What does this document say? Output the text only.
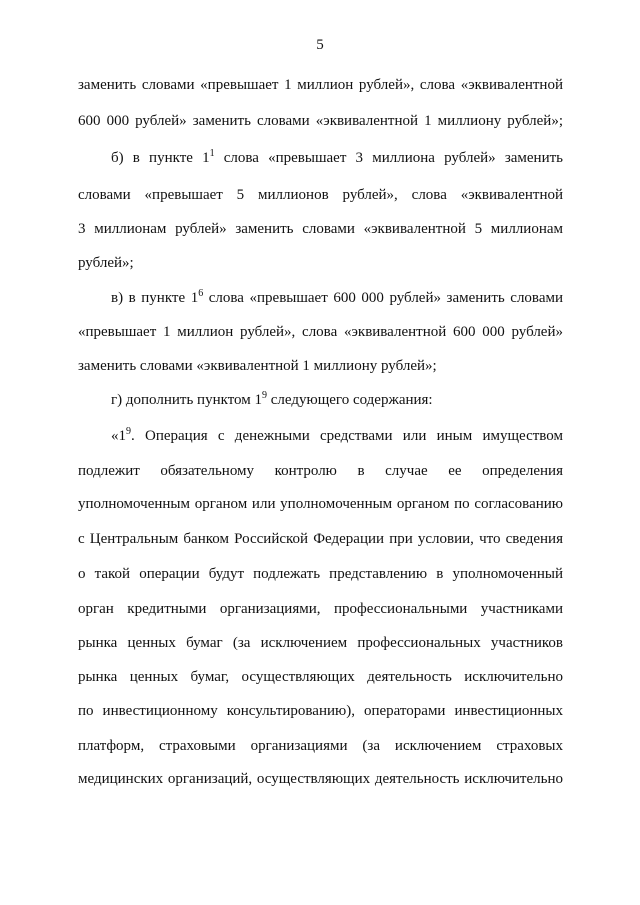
5
заменить словами «превышает 1 миллион рублей», слова «эквивалентной
600 000 рублей» заменить словами «эквивалентной 1 миллиону рублей»;
б) в пункте $1^1$ слова «превышает 3 миллиона рублей» заменить
словами «превышает 5 миллионов рублей», слова «эквивалентной
3 миллионам рублей» заменить словами «эквивалентной 5 миллионам
рублей»;
в) в пункте $1^6$ слова «превышает 600 000 рублей» заменить словами
«превышает 1 миллион рублей», слова «эквивалентной 600 000 рублей»
заменить словами «эквивалентной 1 миллиону рублей»;
г) дополнить пунктом $1^9$ следующего содержания:
«$1^9$. Операция с денежными средствами или иным имуществом
подлежит обязательному контролю в случае ее определения
уполномоченным органом или уполномоченным органом по согласованию
с Центральным банком Российской Федерации при условии, что сведения
о такой операции будут подлежать представлению в уполномоченный
орган кредитными организациями, профессиональными участниками
рынка ценных бумаг (за исключением профессиональных участников
рынка ценных бумаг, осуществляющих деятельность исключительно
по инвестиционному консультированию), операторами инвестиционных
платформ, страховыми организациями (за исключением страховых
медицинских организаций, осуществляющих деятельность исключительно
